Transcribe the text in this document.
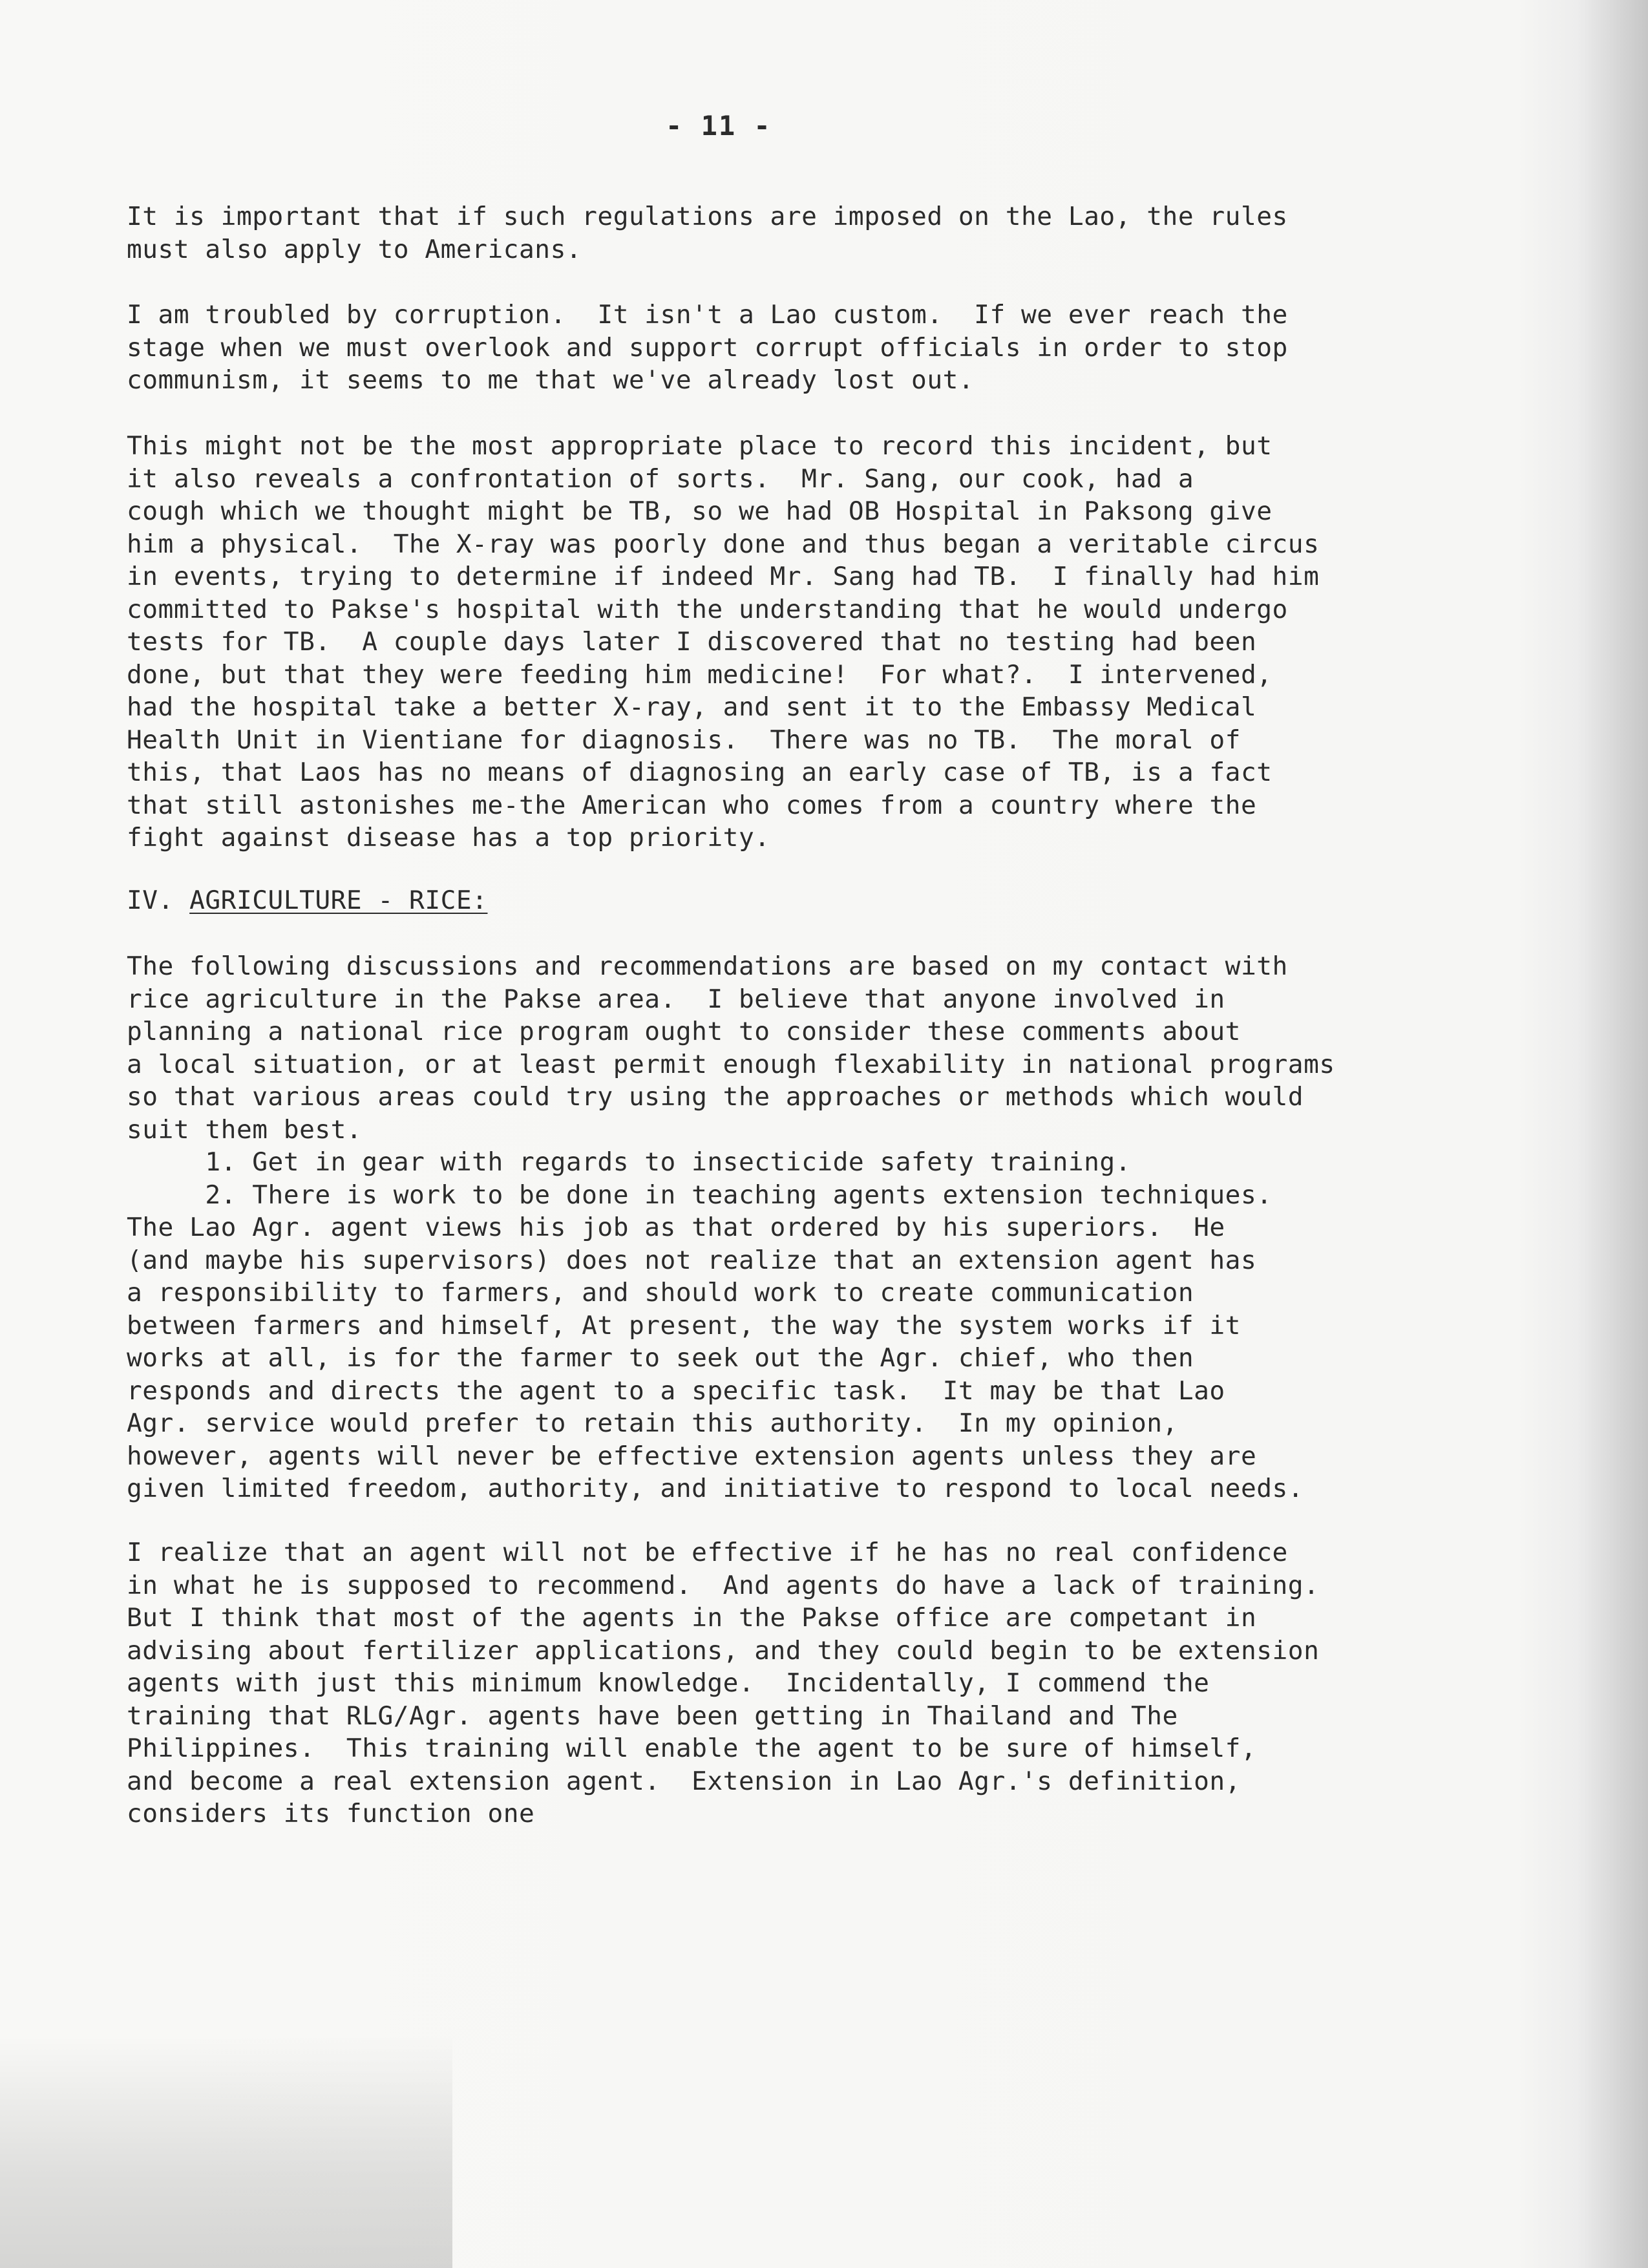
- 11 -
It is important that if such regulations are imposed on the Lao, the rules
must also apply to Americans.
I am troubled by corruption.  It isn't a Lao custom.  If we ever reach the
stage when we must overlook and support corrupt officials in order to stop
communism, it seems to me that we've already lost out.
This might not be the most appropriate place to record this incident, but
it also reveals a confrontation of sorts.  Mr. Sang, our cook, had a
cough which we thought might be TB, so we had OB Hospital in Paksong give
him a physical.  The X-ray was poorly done and thus began a veritable circus
in events, trying to determine if indeed Mr. Sang had TB.  I finally had him
committed to Pakse's hospital with the understanding that he would undergo
tests for TB.  A couple days later I discovered that no testing had been
done, but that they were feeding him medicine!  For what?.  I intervened,
had the hospital take a better X-ray, and sent it to the Embassy Medical
Health Unit in Vientiane for diagnosis.  There was no TB.  The moral of
this, that Laos has no means of diagnosing an early case of TB, is a fact
that still astonishes me-the American who comes from a country where the
fight against disease has a top priority.
IV. AGRICULTURE - RICE:
The following discussions and recommendations are based on my contact with
rice agriculture in the Pakse area.  I believe that anyone involved in
planning a national rice program ought to consider these comments about
a local situation, or at least permit enough flexability in national programs
so that various areas could try using the approaches or methods which would
suit them best.
1. Get in gear with regards to insecticide safety training.
2. There is work to be done in teaching agents extension techniques.
The Lao Agr. agent views his job as that ordered by his superiors.  He
(and maybe his supervisors) does not realize that an extension agent has
a responsibility to farmers, and should work to create communication
between farmers and himself, At present, the way the system works if it
works at all, is for the farmer to seek out the Agr. chief, who then
responds and directs the agent to a specific task.  It may be that Lao
Agr. service would prefer to retain this authority.  In my opinion,
however, agents will never be effective extension agents unless they are
given limited freedom, authority, and initiative to respond to local needs.
I realize that an agent will not be effective if he has no real confidence
in what he is supposed to recommend.  And agents do have a lack of training.
But I think that most of the agents in the Pakse office are competant in
advising about fertilizer applications, and they could begin to be extension
agents with just this minimum knowledge.  Incidentally, I commend the
training that RLG/Agr. agents have been getting in Thailand and The
Philippines.  This training will enable the agent to be sure of himself,
and become a real extension agent.  Extension in Lao Agr.'s definition,
considers its function one
